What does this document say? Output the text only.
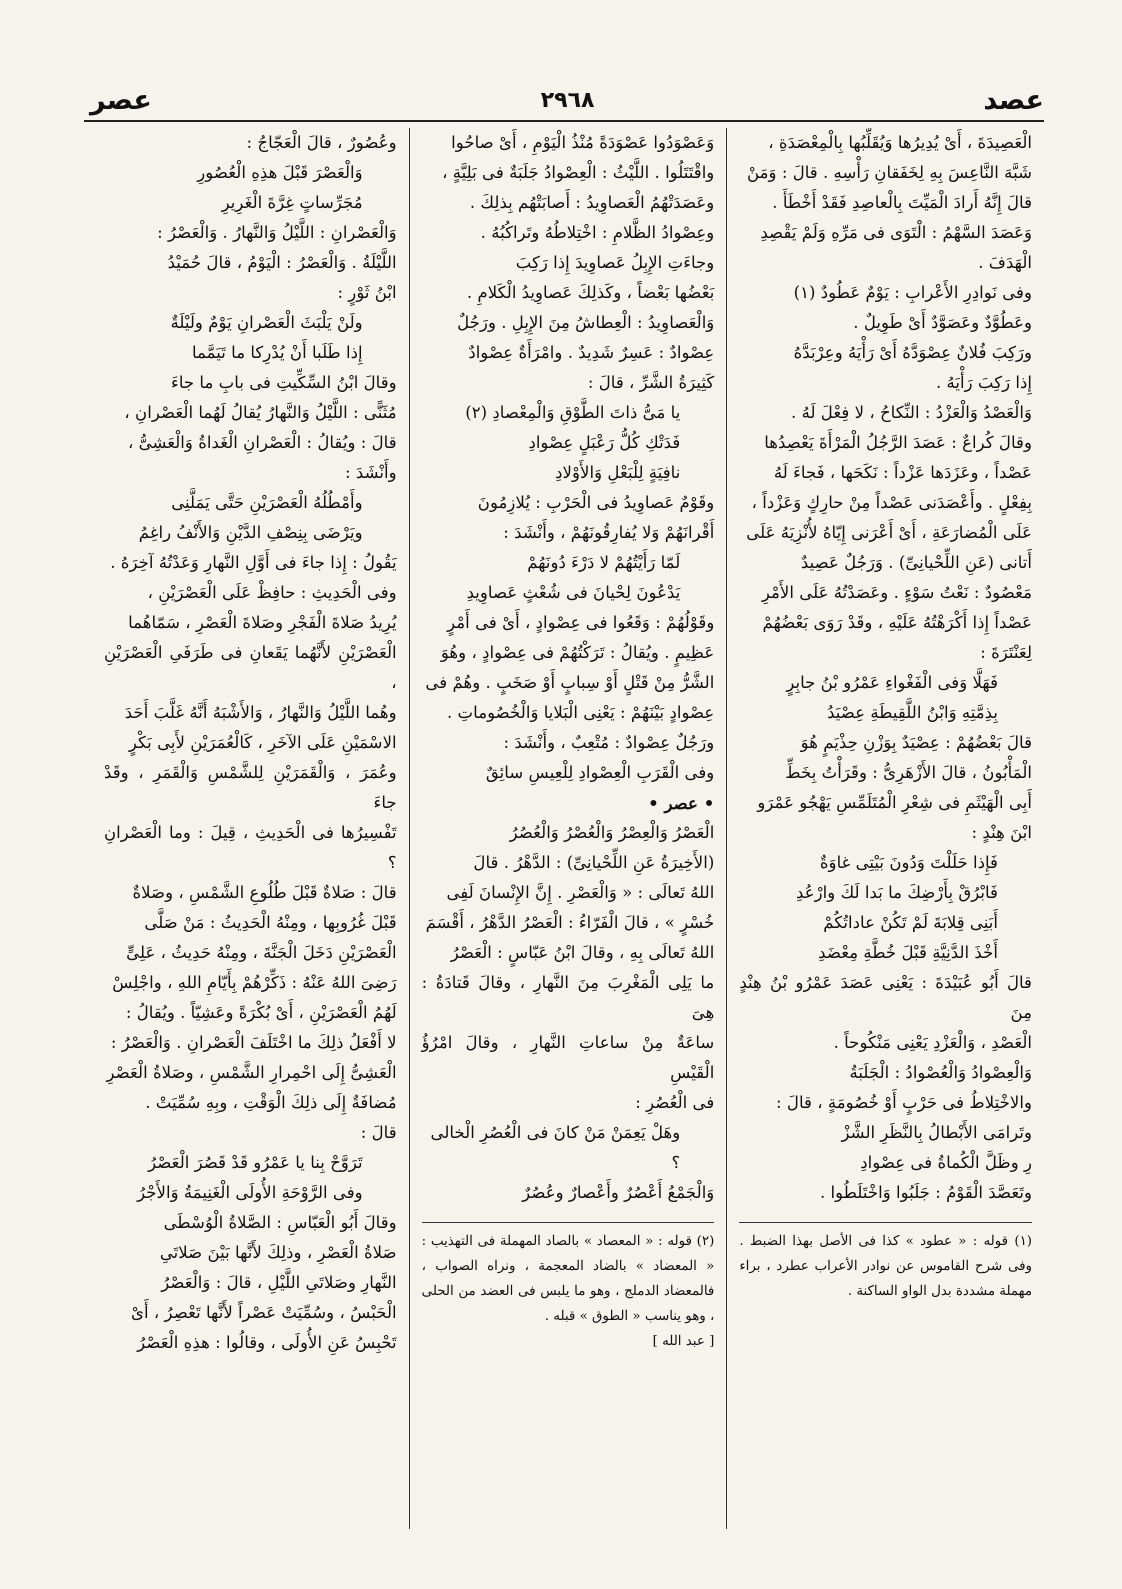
عصد
٢٩٦٨
عصر

الْعَصِيدَةَ ، أَىْ يُدِيرُها وَيُقَلِّبُها بِالْمِعْصَدَةِ ،

شَبَّهَ النَّاعِسَ بِهِ لِخَفَقانِ رَأْسِهِ . قالَ : وَمَنْ

قالَ إِنَّهُ أَرادَ الْمَيِّتَ بِالْعاصِدِ فَقَدْ أَخْطَأَ .

وَعَصَدَ السَّهْمُ : الْتَوَى فى مَرِّهِ وَلَمْ يَقْصِدِ

الْهَدَفَ .

وفى نَوادِرِ الأَعْرابِ : يَوْمٌ عَطُودٌ (١)

وعَطُوَّدٌ وعَصَوَّدٌ أَىْ طَوِيلٌ .

ورَكِبَ فُلانٌ عِصْوَدَّهُ أَىْ رَأْيَهُ وعِرْبَدَّهُ

إِذا رَكِبَ رَأْيَهُ .

وَالْعَصْدُ وَالْعَزْدُ : النِّكاحُ ، لا فِعْلَ لَهُ .

وقالَ كُراعٌ : عَصَدَ الرَّجُلُ الْمَرْأَةَ يَعْصِدُها

عَصْداً ، وعَزَدَها عَزْداً : نَكَحَها ، فَجاءَ لَهُ

بِفِعْلٍ . وأَعْصَدَنى عَصْداً مِنْ حارِكٍ وَعَزْداً ،

عَلَى الْمُضارَعَةِ ، أَىْ أَعْرَنى إِيّاهُ لأُنْزِيَهُ عَلَى

أَتانى (عَنِ اللِّحْيانِىِّ) . وَرَجُلٌ عَصِيدٌ

مَعْصُودٌ : نَعْتُ سَوْءٍ . وعَصَدْتُهُ عَلَى الأَمْرِ

عَصْداً إِذا أَكْرَهْتُهُ عَلَيْهِ ، وقَدْ رَوَى بَعْضُهُمْ

لِعَنْتَرَةَ :

فَهَلَّا وَفى الْفَغْواءِ عَمْرُو بْنُ جابِرٍ

بِذِمَّتِهِ وَابْنُ اللَّقِيطَةِ عِصْيَدُ

قالَ بَعْضُهُمْ : عِصْيَدٌ بِوَزْنِ حِذْيَمٍ هُوَ

الْمَأْبُونُ ، قالَ الأَزْهَرِىُّ : وقَرَأْتُ بِخَطِّ

أَبِى الْهَيْثَمِ فى شِعْرِ الْمُتَلَمِّسِ يَهْجُو عَمْرَو

ابْنَ هِنْدٍ :

فَإِذا حَلَلْتَ وَدُونَ بَيْتِى غاوَةٌ

فَابْرُقْ بِأَرْضِكَ ما بَدا لَكَ وارْعُدِ

أَبَنِى قِلابَةَ لَمْ تَكُنْ عاداتُكُمْ

أَخْذَ الدَّنِيَّةِ قَبْلَ خُطَّةِ مِعْضَدِ

قالَ أَبُو عُبَيْدَةَ : يَعْنِى عَصَدَ عَمْرُو بْنُ هِنْدٍ مِنَ

الْعَصْدِ ، وَالْعَزْدِ يَعْنِى مَنْكُوحاً .

وَالْعِصْوادُ وَالْعُصْوادُ : الْجَلَبَةُ

والاخْتِلاطُ فى حَرْبٍ أَوْ خُصُومَةٍ ، قالَ :

وتَرامَى الأَبْطالُ بِالنَّظَرِ الشَّزْ

رِ وظَلَّ الْكُماةُ فى عِصْوادِ

وتَعَصَّدَ الْقَوْمُ : جَلَبُوا وَاخْتَلَطُوا .

(١) قوله : « عطود » كذا فى الأصل بهذا الضبط . وفى شرح القاموس عن نوادر الأعراب عطرد ، براء مهملة مشددة بدل الواو الساكنة .

وَعَصْوَدُوا عَصْوَدَةً مُنْذُ الْيَوْمِ ، أَىْ صاحُوا

واقْتَتَلُوا . اللَّيْثُ : الْعِصْوادُ جَلَبَةٌ فى بَلِيَّةٍ ،

وعَصَدَتْهُمُ الْعَصاوِيدُ : أَصابَتْهُم بِذلِكَ .

وعِصْوادُ الظَّلامِ : اخْتِلاطُهُ وتَراكُبُهُ .

وجاءَتِ الإِبِلُ عَصاوِيدَ إِذا رَكِبَ

بَعْضُها بَعْضاً ، وكَذلِكَ عَصاوِيدُ الْكَلامِ .

وَالْعَصاوِيدُ : الْعِطاشُ مِنَ الإِبِلِ . ورَجُلٌ

عِصْوادٌ : عَسِرٌ شَدِيدٌ . وامْرَأَةٌ عِصْوادٌ

كَثِيرَةُ الشَّرِّ ، قالَ :

يا مَىُّ ذاتَ الطَّوْقِ وَالْمِعْصادِ (٢)

فَدَتْكِ كُلُّ رَعْبَلٍ عِصْوادِ

نافِيَةٍ لِلْبَعْلِ وَالأَوْلادِ

وقَوْمٌ عَصاوِيدُ فى الْحَرْبِ : يُلازِمُونَ

أَقْرانَهُمْ وَلا يُفارِقُونَهُمْ ، وأَنْشَدَ :

لَمّا رَأَيْتُهُمْ لا دَرْءَ دُونَهُمْ

يَدْعُونَ لِحْيانَ فى شُعْثٍ عَصاوِيدِ

وقَوْلُهُمْ : وَقَعُوا فى عِصْوادٍ ، أَىْ فى أَمْرٍ

عَظِيمٍ . ويُقالُ : تَرَكْتُهُمْ فى عِصْوادٍ ، وهُوَ

الشَّرُّ مِنْ قَتْلٍ أَوْ سِبابٍ أَوْ صَخَبٍ . وهُمْ فى

عِصْوادٍ بَيْنَهُمْ : يَعْنِى الْبَلايا وَالْخُصُوماتِ .

ورَجُلٌ عِصْوادٌ : مُتْعِبٌ ، وأَنْشَدَ :

وفى الْقَرَبِ الْعِصْوادِ لِلْعِيسِ سائِقٌ

• عصر •

الْعَصْرُ وَالْعِصْرُ وَالْعُصْرُ وَالْعُصُرُ

(الأَخِيرَةُ عَنِ اللِّحْيانِىِّ) : الدَّهْرُ . قالَ

اللهُ تَعالَى : « وَالْعَصْرِ . إِنَّ الإِنْسانَ لَفِى

خُسْرٍ » ، قالَ الْفَرّاءُ : الْعَصْرُ الدَّهْرُ ، أَقْسَمَ

اللهُ تَعالَى بِهِ ، وقالَ ابْنُ عَبّاسٍ : الْعَصْرُ

ما يَلِى الْمَغْرِبَ مِنَ النَّهارِ ، وقالَ قَتادَةُ : هِىَ

ساعَةٌ مِنْ ساعاتِ النَّهارِ ، وقالَ امْرُؤُ الْقَيْسِ

فى الْعُصُرِ :

وهَلْ يَعِمَنْ مَنْ كانَ فى الْعُصُرِ الْخالى ؟

وَالْجَمْعُ أَعْصُرٌ وأَعْصارٌ وعُصُرٌ

(٢) قوله : « المعصاد » بالصاد المهملة فى التهذيب : « المعضاد » بالضاد المعجمة ، ونراه الصواب ، فالمعضاد الدملج ، وهو ما يلبس فى العضد من الحلى ، وهو يناسب « الطوق » قبله .

[ عبد الله ]

وعُصُورٌ ، قالَ الْعَجّاجُ :

وَالْعَصْرَ قَبْلَ هذِهِ الْعُصُورِ

مُجَرِّساتٍ غِرَّةَ الْغَرِيرِ

وَالْعَصْرانِ : اللَّيْلُ وَالنَّهارُ . وَالْعَصْرُ :

اللَّيْلَةُ . وَالْعَصْرُ : الْيَوْمُ ، قالَ حُمَيْدُ

ابْنُ ثَوْرٍ :

ولَنْ يَلْبَثَ الْعَصْرانِ يَوْمٌ ولَيْلَةٌ

إِذا طَلَبا أَنْ يُدْرِكا ما تَيَمَّما

وقالَ ابْنُ السِّكِّيتِ فى بابِ ما جاءَ

مُثَنًّى : اللَّيْلُ وَالنَّهارُ يُقالُ لَهُما الْعَصْرانِ ،

قالَ : ويُقالُ : الْعَصْرانِ الْغَداةُ وَالْعَشِىُّ ،

وأَنْشَدَ :

وأَمْطُلُهُ الْعَصْرَيْنِ حَتَّى يَمَلَّنِى

ويَرْضَى بِنِصْفِ الدَّيْنِ وَالأَنْفُ راغِمُ

يَقُولُ : إِذا جاءَ فى أَوَّلِ النَّهارِ وَعَدْتُهُ آخِرَهُ .

وفى الْحَدِيثِ : حافِظْ عَلَى الْعَصْرَيْنِ ،

يُرِيدُ صَلاةَ الْفَجْرِ وصَلاةَ الْعَصْرِ ، سَمّاهُما

الْعَصْرَيْنِ لأَنَّهُما يَقَعانِ فى طَرَفَىِ الْعَصْرَيْنِ ،

وهُما اللَّيْلُ وَالنَّهارُ ، وَالأَشْبَهُ أَنَّهُ غَلَّبَ أَحَدَ

الاسْمَيْنِ عَلَى الآخَرِ ، كَالْعُمَرَيْنِ لأَبِى بَكْرٍ

وعُمَرَ ، وَالْقَمَرَيْنِ لِلشَّمْسِ وَالْقَمَرِ ، وقَدْ جاءَ

تَفْسِيرُها فى الْحَدِيثِ ، قِيلَ : وما الْعَصْرانِ ؟

قالَ : صَلاةٌ قَبْلَ طُلُوعِ الشَّمْسِ ، وصَلاةٌ

قَبْلَ غُرُوبِها ، ومِنْهُ الْحَدِيثُ : مَنْ صَلَّى

الْعَصْرَيْنِ دَخَلَ الْجَنَّةَ ، ومِنْهُ حَدِيثُ ، عَلِىٍّ

رَضِىَ اللهُ عَنْهُ : ذَكِّرْهُمْ بِأَيّامِ اللهِ ، واجْلِسْ

لَهُمُ الْعَصْرَيْنِ ، أَىْ بُكْرَةً وعَشِيّاً . ويُقالُ :

لا أَفْعَلُ ذلِكَ ما اخْتَلَفَ الْعَصْرانِ . وَالْعَصْرُ :

الْعَشِىُّ إِلَى احْمِرارِ الشَّمْسِ ، وصَلاةُ الْعَصْرِ

مُضافَةٌ إِلَى ذلِكَ الْوَقْتِ ، وبِهِ سُمِّيَتْ .

قالَ :

تَرَوَّحْ بِنا يا عَمْرُو قَدْ قَصُرَ الْعَصْرُ

وفى الرَّوْحَةِ الأُولَى الْغَنِيمَةُ وَالأَجْرُ

وقالَ أَبُو الْعَبّاسِ : الصَّلاةُ الْوُسْطَى

صَلاةُ الْعَصْرِ ، وذلِكَ لأَنَّها بَيْنَ صَلاتَىِ

النَّهارِ وصَلاتَىِ اللَّيْلِ ، قالَ : وَالْعَصْرُ

الْحَبْسُ ، وسُمِّيَتْ عَصْراً لأَنَّها تَعْصِرُ ، أَىْ

تَحْبِسُ عَنِ الأُولَى ، وقالُوا : هذِهِ الْعَصْرُ
